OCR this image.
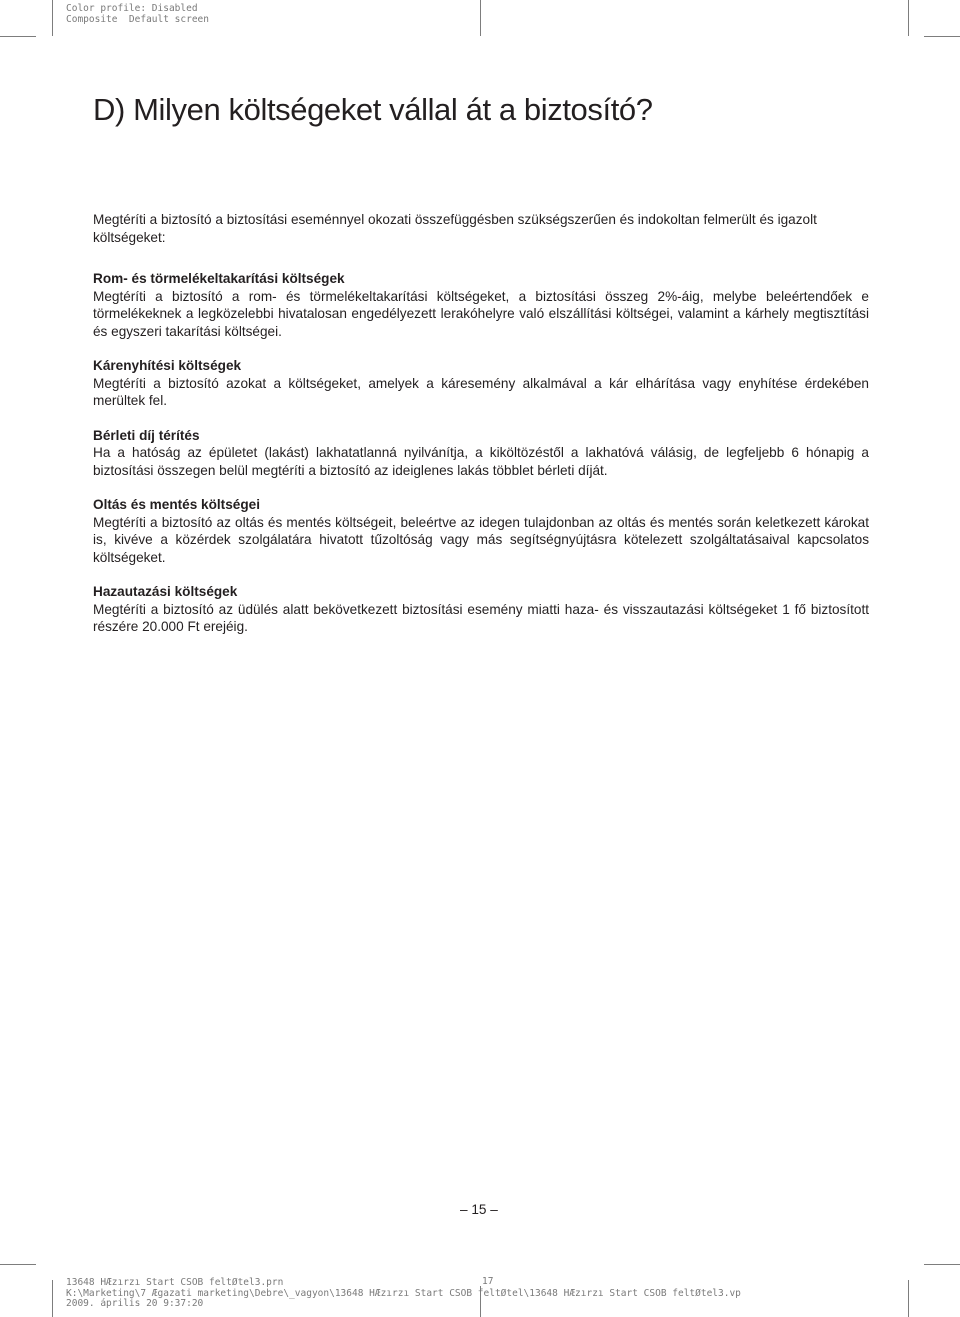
Color profile: Disabled
Composite  Default screen
D) Milyen költségeket vállal át a biztosító?

Megtéríti a biztosító a biztosítási eseménnyel okozati összefüggésben szükségszerűen és indokoltan felmerült és igazolt költségeket:

Rom- és törmelékeltakarítási költségek

Megtéríti a biztosító a rom- és törmelékeltakarítási költségeket, a biztosítási összeg 2%-áig, melybe beleértendőek e törmelékeknek a legközelebbi hivatalosan engedélyezett lerakóhelyre való elszállítási költségei, valamint a kárhely megtisztítási és egyszeri takarítási költségei.

Kárenyhítési költségek

Megtéríti a biztosító azokat a költségeket, amelyek a káresemény alkalmával a kár elhárítása vagy enyhítése érdekében merültek fel.

Bérleti díj térítés

Ha a hatóság az épületet (lakást) lakhatatlanná nyilvánítja, a kiköltözéstől a lakhatóvá válásig, de legfeljebb 6 hónapig a biztosítási összegen belül megtéríti a biztosító az ideiglenes lakás többlet bérleti díját.

Oltás és mentés költségei

Megtéríti a biztosító az oltás és mentés költségeit, beleértve az idegen tulajdonban az oltás és mentés során keletkezett károkat is, kivéve a közérdek szolgálatára hivatott tűzoltóság vagy más segítségnyújtásra kötelezett szolgáltatásaival kapcsolatos költségeket.

Hazautazási költségek

Megtéríti a biztosító az üdülés alatt bekövetkezett biztosítási esemény miatti haza- és visszautazási költségeket 1 fő biztosított részére 20.000 Ft erejéig.

– 15 –
17
13648 HÆzırzı Start CSOB feltØtel3.prn
K:\Marketing\7 Ægazati marketing\Debre\_vagyon\13648 HÆzırzı Start CSOB feltØtel\13648 HÆzırzı Start CSOB feltØtel3.vp
2009. április 20 9:37:20
